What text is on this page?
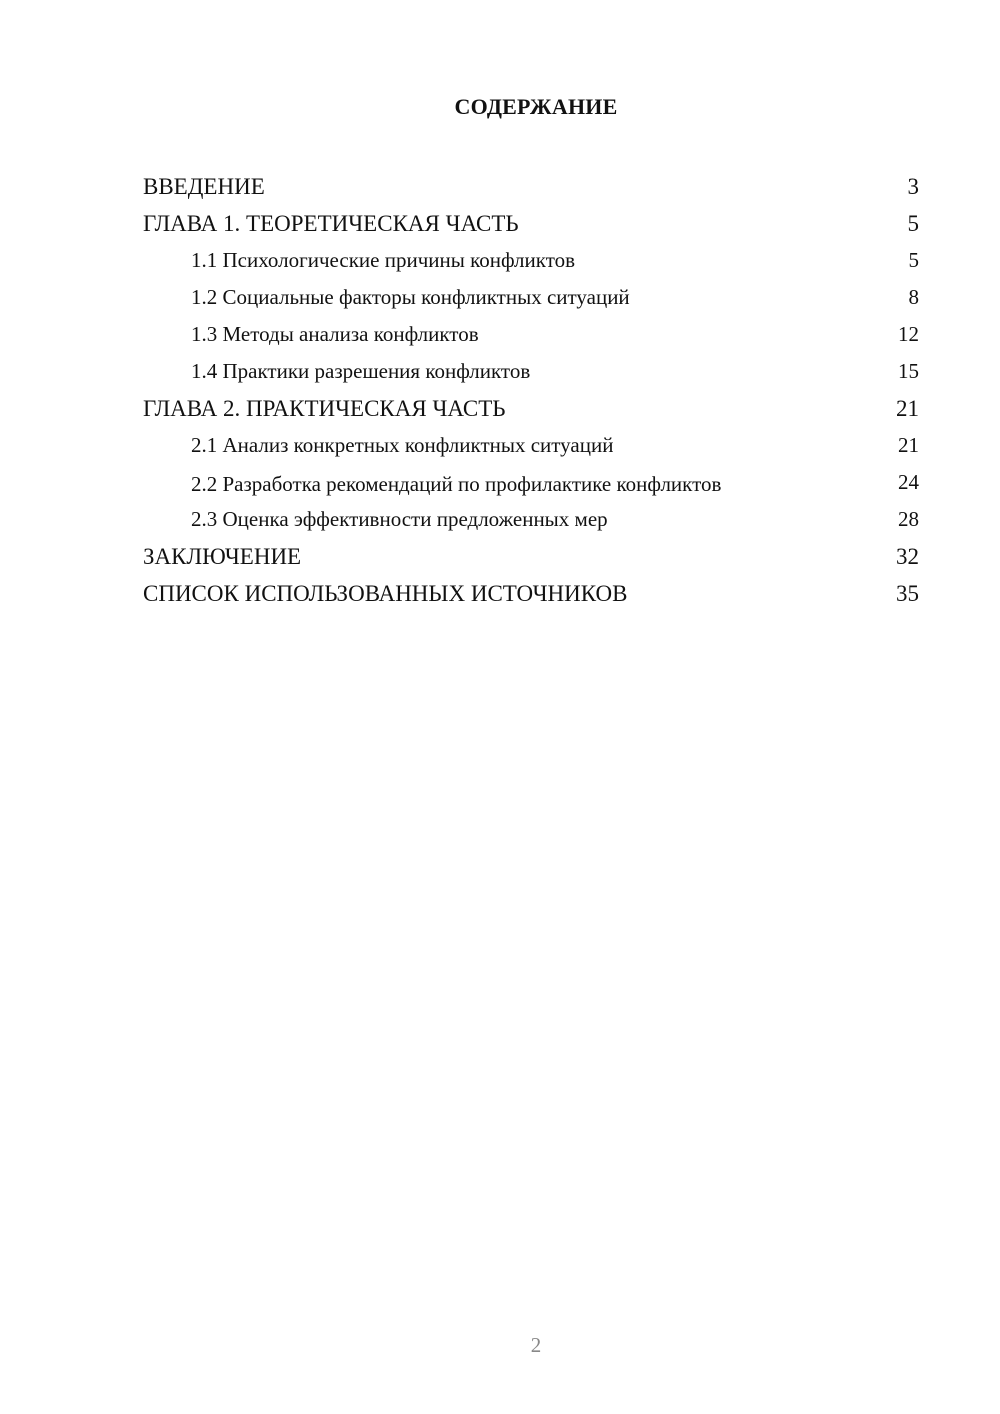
СОДЕРЖАНИЕ
ВВЕДЕНИЕ	3
ГЛАВА 1. ТЕОРЕТИЧЕСКАЯ ЧАСТЬ	5
1.1 Психологические причины конфликтов	5
1.2 Социальные факторы конфликтных ситуаций	8
1.3 Методы анализа конфликтов	12
1.4 Практики разрешения конфликтов	15
ГЛАВА 2. ПРАКТИЧЕСКАЯ ЧАСТЬ	21
2.1 Анализ конкретных конфликтных ситуаций	21
2.2 Разработка рекомендаций по профилактике конфликтов	24
2.3 Оценка эффективности предложенных мер	28
ЗАКЛЮЧЕНИЕ	32
СПИСОК ИСПОЛЬЗОВАННЫХ ИСТОЧНИКОВ	35
2
